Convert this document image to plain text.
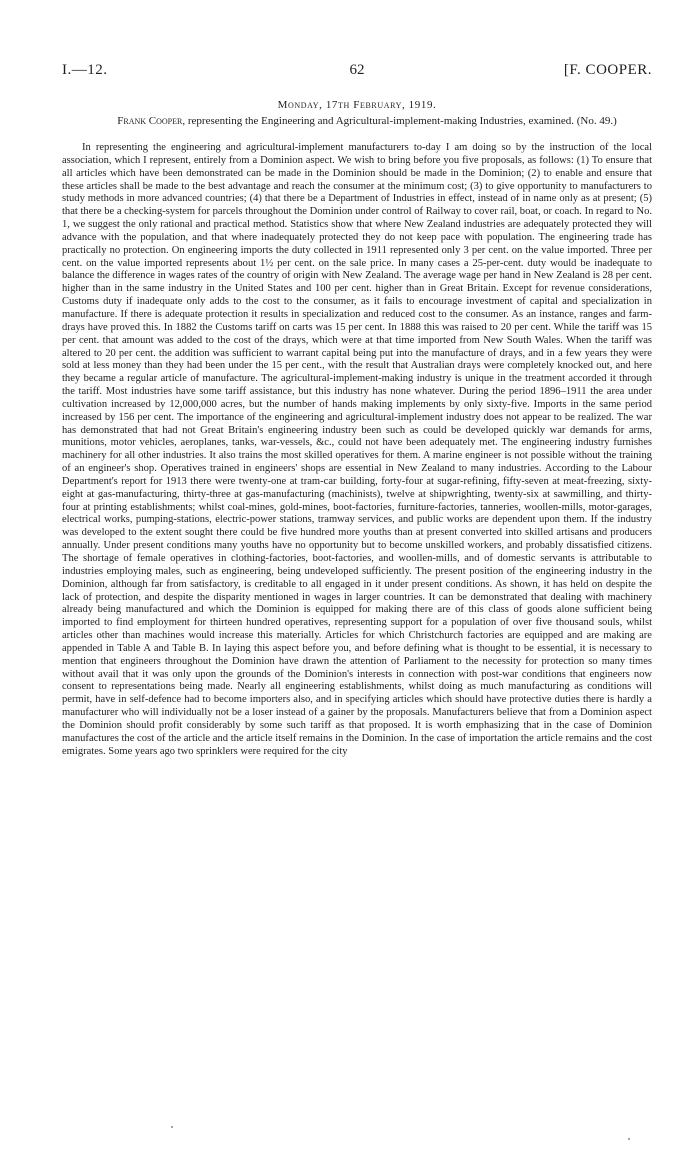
I.—12.	62	[F. COOPER.
Monday, 17th February, 1919.
Frank Cooper, representing the Engineering and Agricultural-implement-making Industries, examined. (No. 49.)

In representing the engineering and agricultural-implement manufacturers to-day I am doing so by the instruction of the local association, which I represent, entirely from a Dominion aspect. We wish to bring before you five proposals, as follows: (1) To ensure that all articles which have been demonstrated can be made in the Dominion should be made in the Dominion; (2) to enable and ensure that these articles shall be made to the best advantage and reach the consumer at the minimum cost; (3) to give opportunity to manufacturers to study methods in more advanced countries; (4) that there be a Department of Industries in effect, instead of in name only as at present; (5) that there be a checking-system for parcels throughout the Dominion under control of Railway to cover rail, boat, or coach. In regard to No. 1, we suggest the only rational and practical method. Statistics show that where New Zealand industries are adequately protected they will advance with the population, and that where inadequately protected they do not keep pace with population. The engineering trade has practically no protection. On engineering imports the duty collected in 1911 represented only 3 per cent. on the value imported. Three per cent. on the value imported represents about 1½ per cent. on the sale price. In many cases a 25-per-cent. duty would be inadequate to balance the difference in wages rates of the country of origin with New Zealand. The average wage per hand in New Zealand is 28 per cent. higher than in the same industry in the United States and 100 per cent. higher than in Great Britain. Except for revenue considerations, Customs duty if inadequate only adds to the cost to the consumer, as it fails to encourage investment of capital and specialization in manufacture. If there is adequate protection it results in specialization and reduced cost to the consumer. As an instance, ranges and farm-drays have proved this. In 1882 the Customs tariff on carts was 15 per cent. In 1888 this was raised to 20 per cent. While the tariff was 15 per cent. that amount was added to the cost of the drays, which were at that time imported from New South Wales. When the tariff was altered to 20 per cent. the addition was sufficient to warrant capital being put into the manufacture of drays, and in a few years they were sold at less money than they had been under the 15 per cent., with the result that Australian drays were completely knocked out, and here they became a regular article of manufacture. The agricultural-implement-making industry is unique in the treatment accorded it through the tariff. Most industries have some tariff assistance, but this industry has none whatever. During the period 1896–1911 the area under cultivation increased by 12,000,000 acres, but the number of hands making implements by only sixty-five. Imports in the same period increased by 156 per cent. The importance of the engineering and agricultural-implement industry does not appear to be realized. The war has demonstrated that had not Great Britain's engineering industry been such as could be developed quickly war demands for arms, munitions, motor vehicles, aeroplanes, tanks, war-vessels, &c., could not have been adequately met. The engineering industry furnishes machinery for all other industries. It also trains the most skilled operatives for them. A marine engineer is not possible without the training of an engineer's shop. Operatives trained in engineers' shops are essential in New Zealand to many industries. According to the Labour Department's report for 1913 there were twenty-one at tram-car building, forty-four at sugar-refining, fifty-seven at meat-freezing, sixty-eight at gas-manufacturing, thirty-three at gas-manufacturing (machinists), twelve at shipwrighting, twenty-six at sawmilling, and thirty-four at printing establishments; whilst coal-mines, gold-mines, boot-factories, furniture-factories, tanneries, woollen-mills, motor-garages, electrical works, pumping-stations, electric-power stations, tramway services, and public works are dependent upon them. If the industry was developed to the extent sought there could be five hundred more youths than at present converted into skilled artisans and producers annually. Under present conditions many youths have no opportunity but to become unskilled workers, and probably dissatisfied citizens. The shortage of female operatives in clothing-factories, boot-factories, and woollen-mills, and of domestic servants is attributable to industries employing males, such as engineering, being undeveloped sufficiently. The present position of the engineering industry in the Dominion, although far from satisfactory, is creditable to all engaged in it under present conditions. As shown, it has held on despite the lack of protection, and despite the disparity mentioned in wages in larger countries. It can be demonstrated that dealing with machinery already being manufactured and which the Dominion is equipped for making there are of this class of goods alone sufficient being imported to find employment for thirteen hundred operatives, representing support for a population of over five thousand souls, whilst articles other than machines would increase this materially. Articles for which Christchurch factories are equipped and are making are appended in Table A and Table B. In laying this aspect before you, and before defining what is thought to be essential, it is necessary to mention that engineers throughout the Dominion have drawn the attention of Parliament to the necessity for protection so many times without avail that it was only upon the grounds of the Dominion's interests in connection with post-war conditions that engineers now consent to representations being made. Nearly all engineering establishments, whilst doing as much manufacturing as conditions will permit, have in self-defence had to become importers also, and in specifying articles which should have protective duties there is hardly a manufacturer who will individually not be a loser instead of a gainer by the proposals. Manufacturers believe that from a Dominion aspect the Dominion should profit considerably by some such tariff as that proposed. It is worth emphasizing that in the case of Dominion manufactures the cost of the article and the article itself remains in the Dominion. In the case of importation the article remains and the cost emigrates. Some years ago two sprinklers were required for the city
